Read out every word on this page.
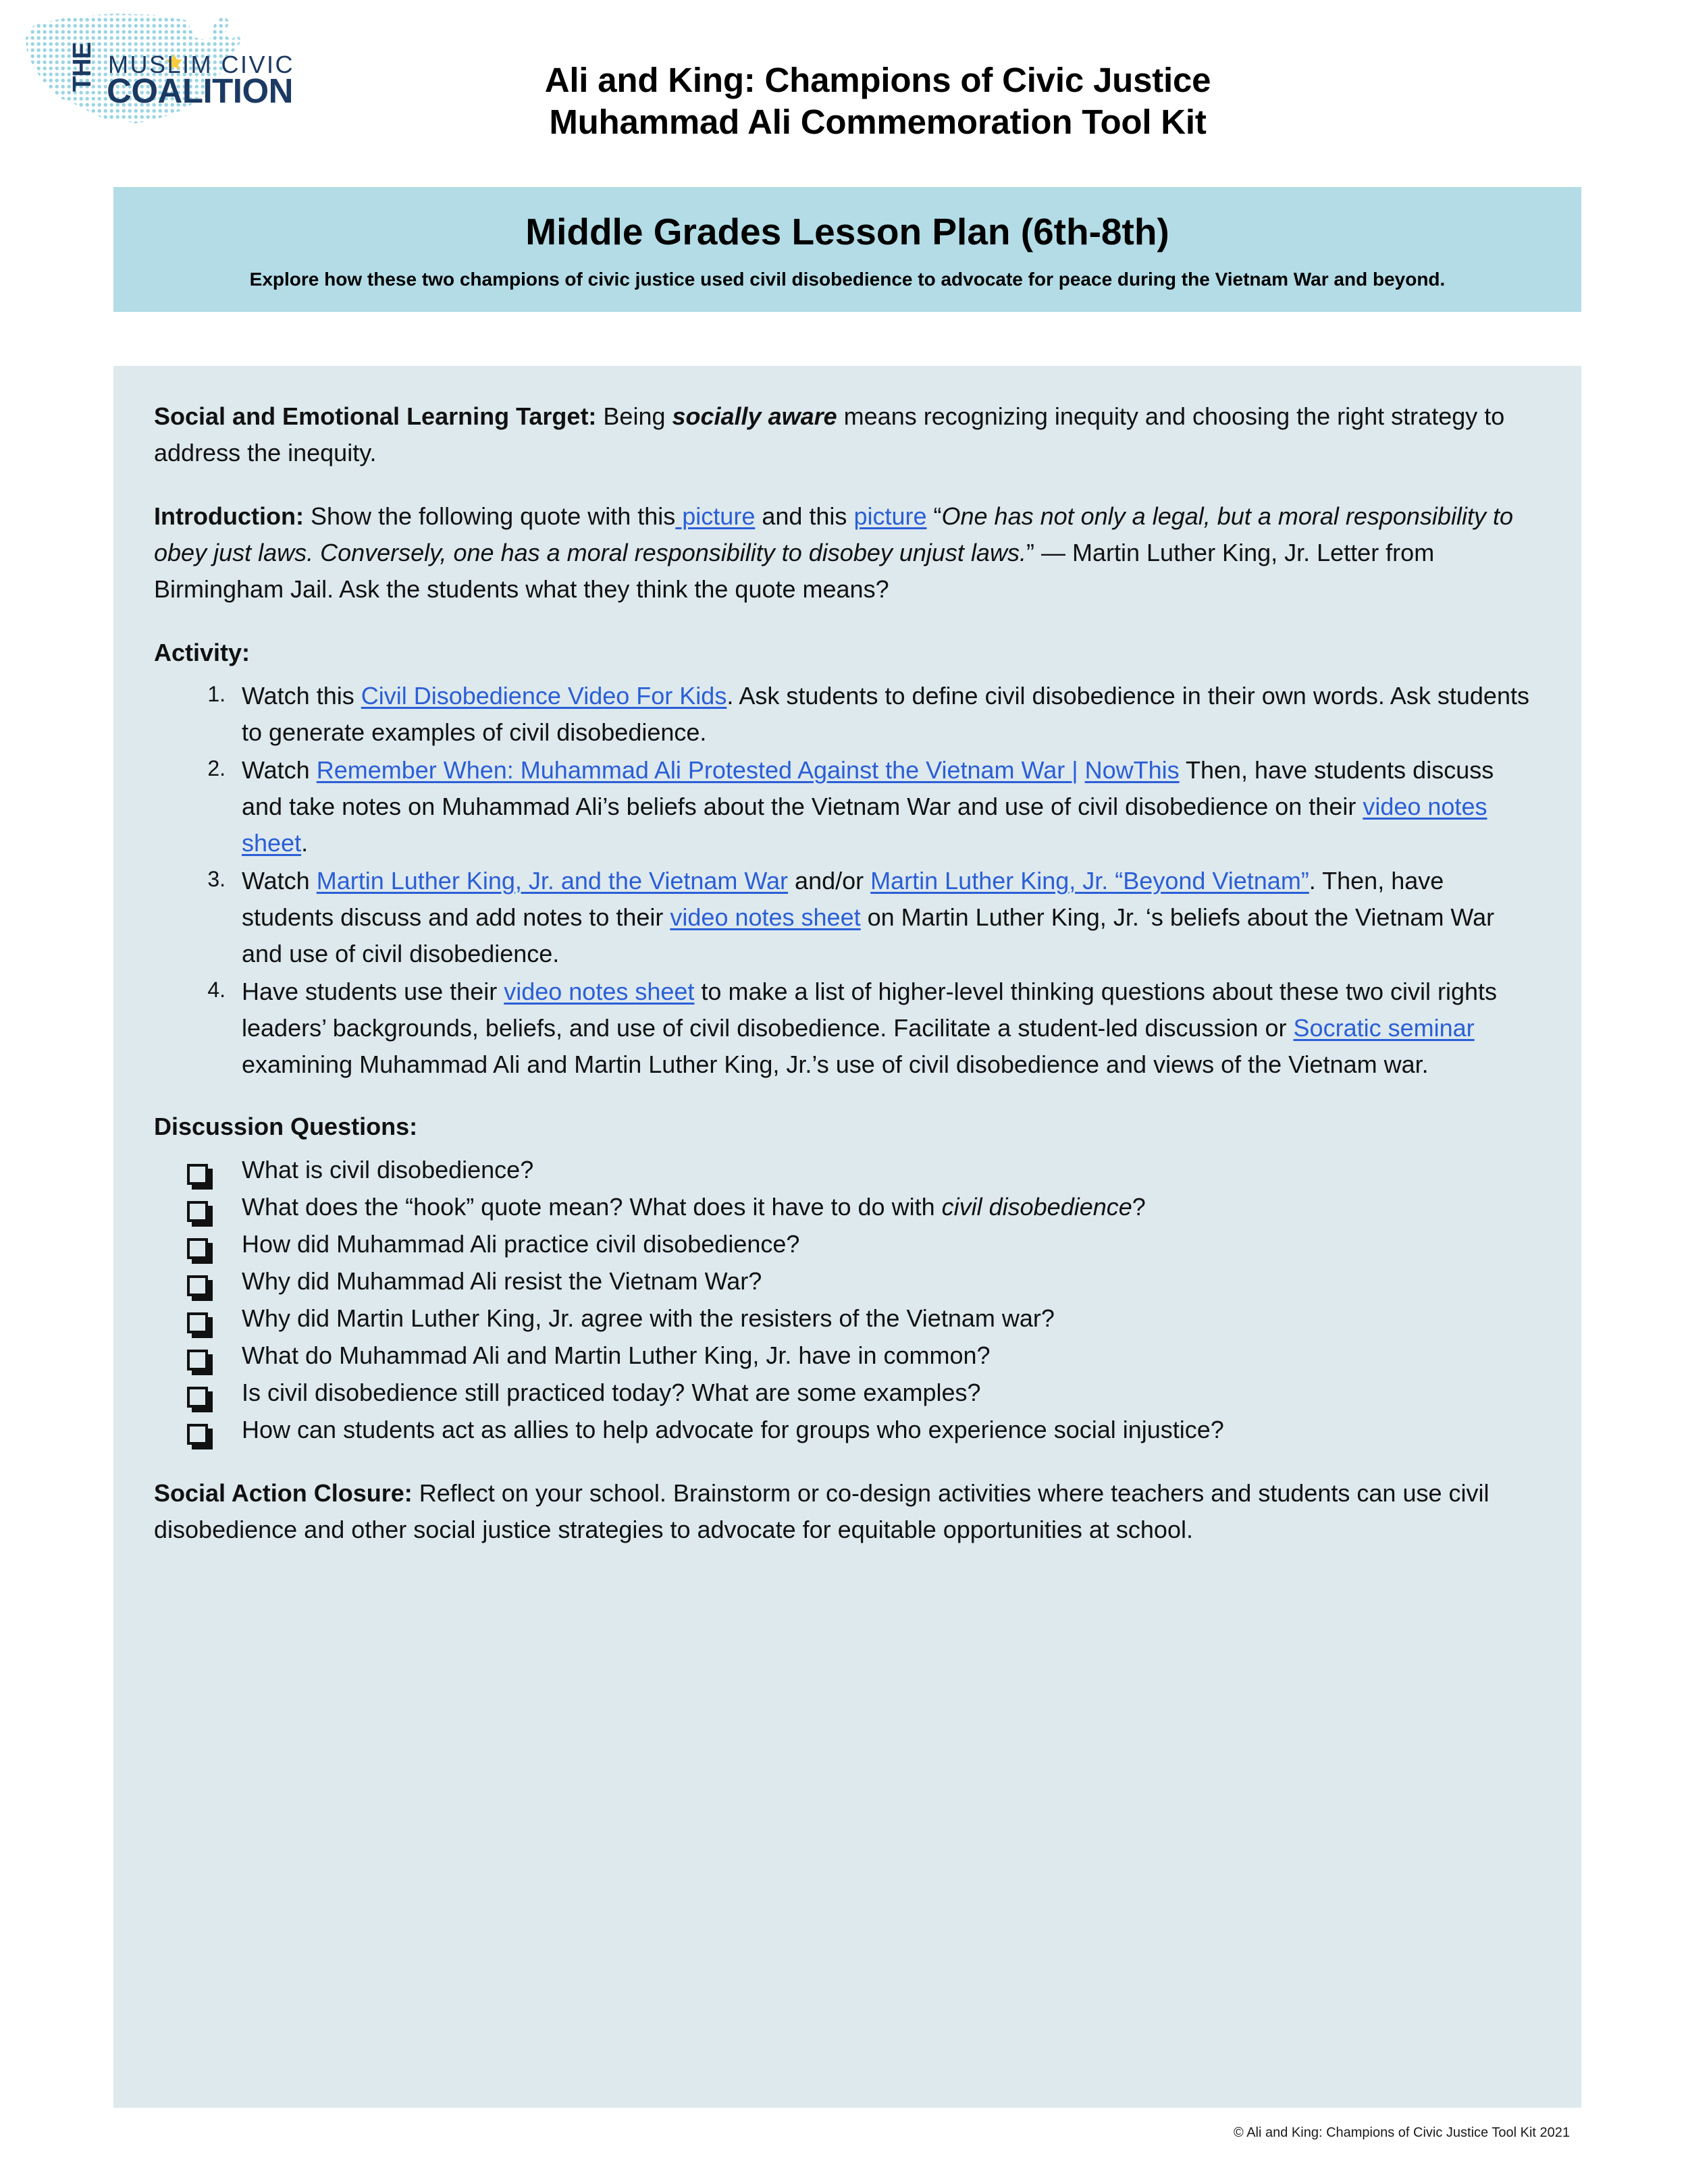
THE MUSLIM CIVIC
COALITION	Ali and King: Champions of Civic Justice
Muhammad Ali Commemoration Tool Kit
Middle Grades Lesson Plan (6th-8th)
Explore how these two champions of civic justice used civil disobedience to advocate for peace during the Vietnam War and beyond.

Social and Emotional Learning Target: Being socially aware means recognizing inequity and choosing the right strategy to address the inequity.

Introduction: Show the following quote with this picture and this picture “One has not only a legal, but a moral responsibility to obey just laws. Conversely, one has a moral responsibility to disobey unjust laws.” — Martin Luther King, Jr. Letter from Birmingham Jail. Ask the students what they think the quote means?

Activity:
Watch this Civil Disobedience Video For Kids. Ask students to define civil disobedience in their own words. Ask students to generate examples of civil disobedience.
Watch Remember When: Muhammad Ali Protested Against the Vietnam War | NowThis Then, have students discuss and take notes on Muhammad Ali’s beliefs about the Vietnam War and use of civil disobedience on their video notes sheet.
Watch Martin Luther King, Jr. and the Vietnam War and/or Martin Luther King, Jr. “Beyond Vietnam”. Then, have students discuss and add notes to their video notes sheet on Martin Luther King, Jr. ‘s beliefs about the Vietnam War and use of civil disobedience.
Have students use their video notes sheet to make a list of higher-level thinking questions about these two civil rights leaders’ backgrounds, beliefs, and use of civil disobedience. Facilitate a student-led discussion or Socratic seminar examining Muhammad Ali and Martin Luther King, Jr.’s use of civil disobedience and views of the Vietnam war.
Discussion Questions:
What is civil disobedience?
What does the “hook” quote mean? What does it have to do with civil disobedience?
How did Muhammad Ali practice civil disobedience?
Why did Muhammad Ali resist the Vietnam War?
Why did Martin Luther King, Jr. agree with the resisters of the Vietnam war?
What do Muhammad Ali and Martin Luther King, Jr. have in common?
Is civil disobedience still practiced today? What are some examples?
How can students act as allies to help advocate for groups who experience social injustice?

Social Action Closure: Reflect on your school. Brainstorm or co-design activities where teachers and students can use civil disobedience and other social justice strategies to advocate for equitable opportunities at school.

© Ali and King: Champions of Civic Justice Tool Kit 2021
